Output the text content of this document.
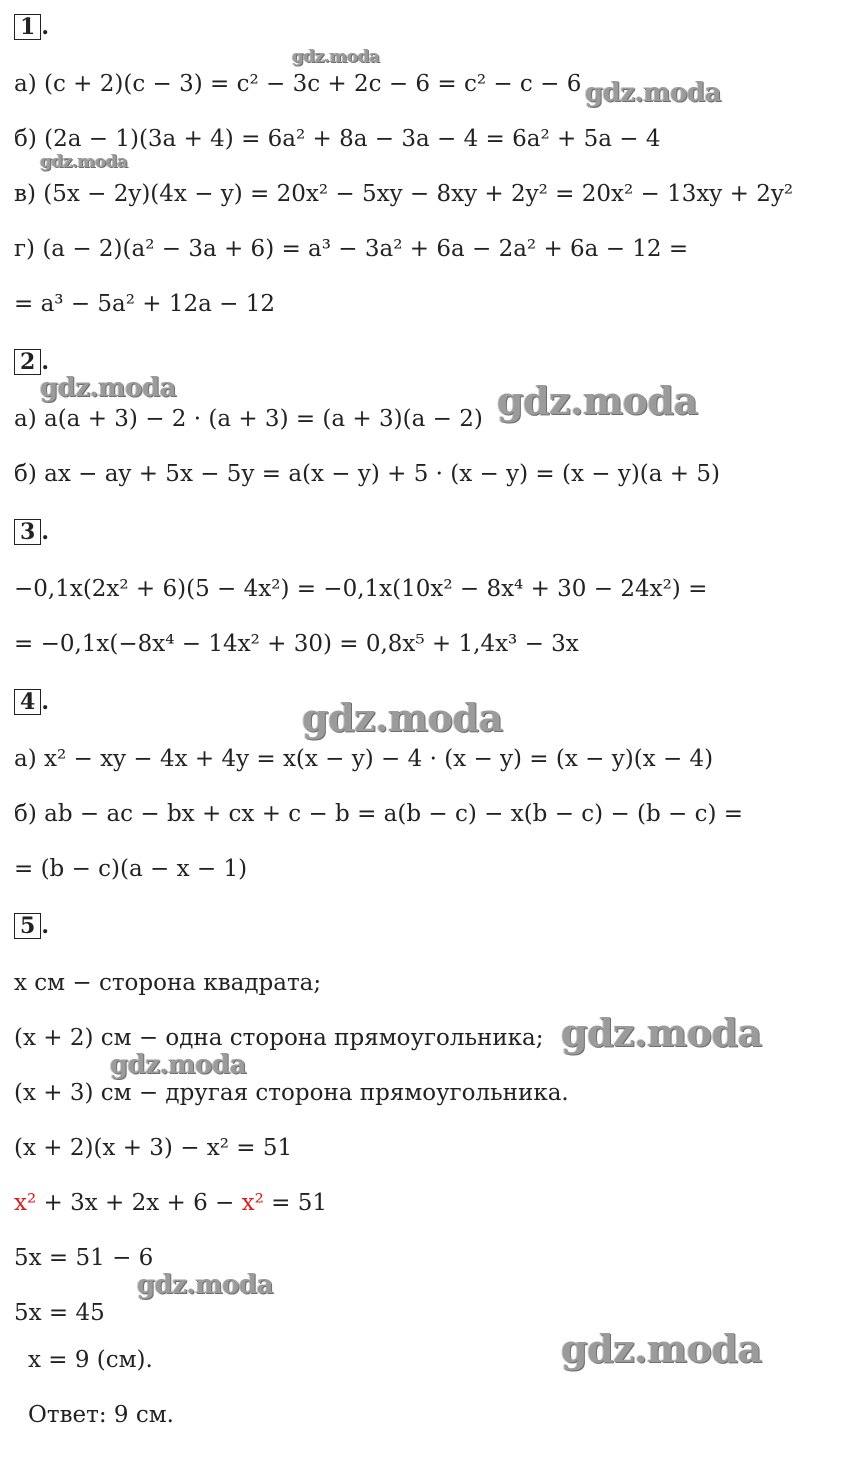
1 .
а) (c + 2)(c − 3) = c² − 3c + 2c − 6 = c² − c − 6
б) (2a − 1)(3a + 4) = 6a² + 8a − 3a − 4 = 6a² + 5a − 4
в) (5x − 2y)(4x − y) = 20x² − 5xy − 8xy + 2y² = 20x² − 13xy + 2y²
г) (a − 2)(a² − 3a + 6) = a³ − 3a² + 6a − 2a² + 6a − 12 =
= a³ − 5a² + 12a − 12
2 .
а) a(a + 3) − 2 · (a + 3) = (a + 3)(a − 2)
б) ax − ay + 5x − 5y = a(x − y) + 5 · (x − y) = (x − y)(a + 5)
3 .
−0,1x(2x² + 6)(5 − 4x²) = −0,1x(10x² − 8x⁴ + 30 − 24x²) =
= −0,1x(−8x⁴ − 14x² + 30) = 0,8x⁵ + 1,4x³ − 3x
4 .
а) x² − xy − 4x + 4y = x(x − y) − 4 · (x − y) = (x − y)(x − 4)
б) ab − ac − bx + cx + c − b = a(b − c) − x(b − c) − (b − c) =
= (b − c)(a − x − 1)
5 .
x см − сторона квадрата;
(x + 2) см − одна сторона прямоугольника;
(x + 3) см − другая сторона прямоугольника.
(x + 2)(x + 3) − x² = 51
x² + 3x + 2x + 6 − x² = 51
5x = 51 − 6
5x = 45
x = 9 (см).
Ответ: 9 см.
gdz.moda
gdz.moda
gdz.moda
gdz.moda	gdz.moda
gdz.moda
gdz.moda
gdz.moda
gdz.moda
gdz.moda
